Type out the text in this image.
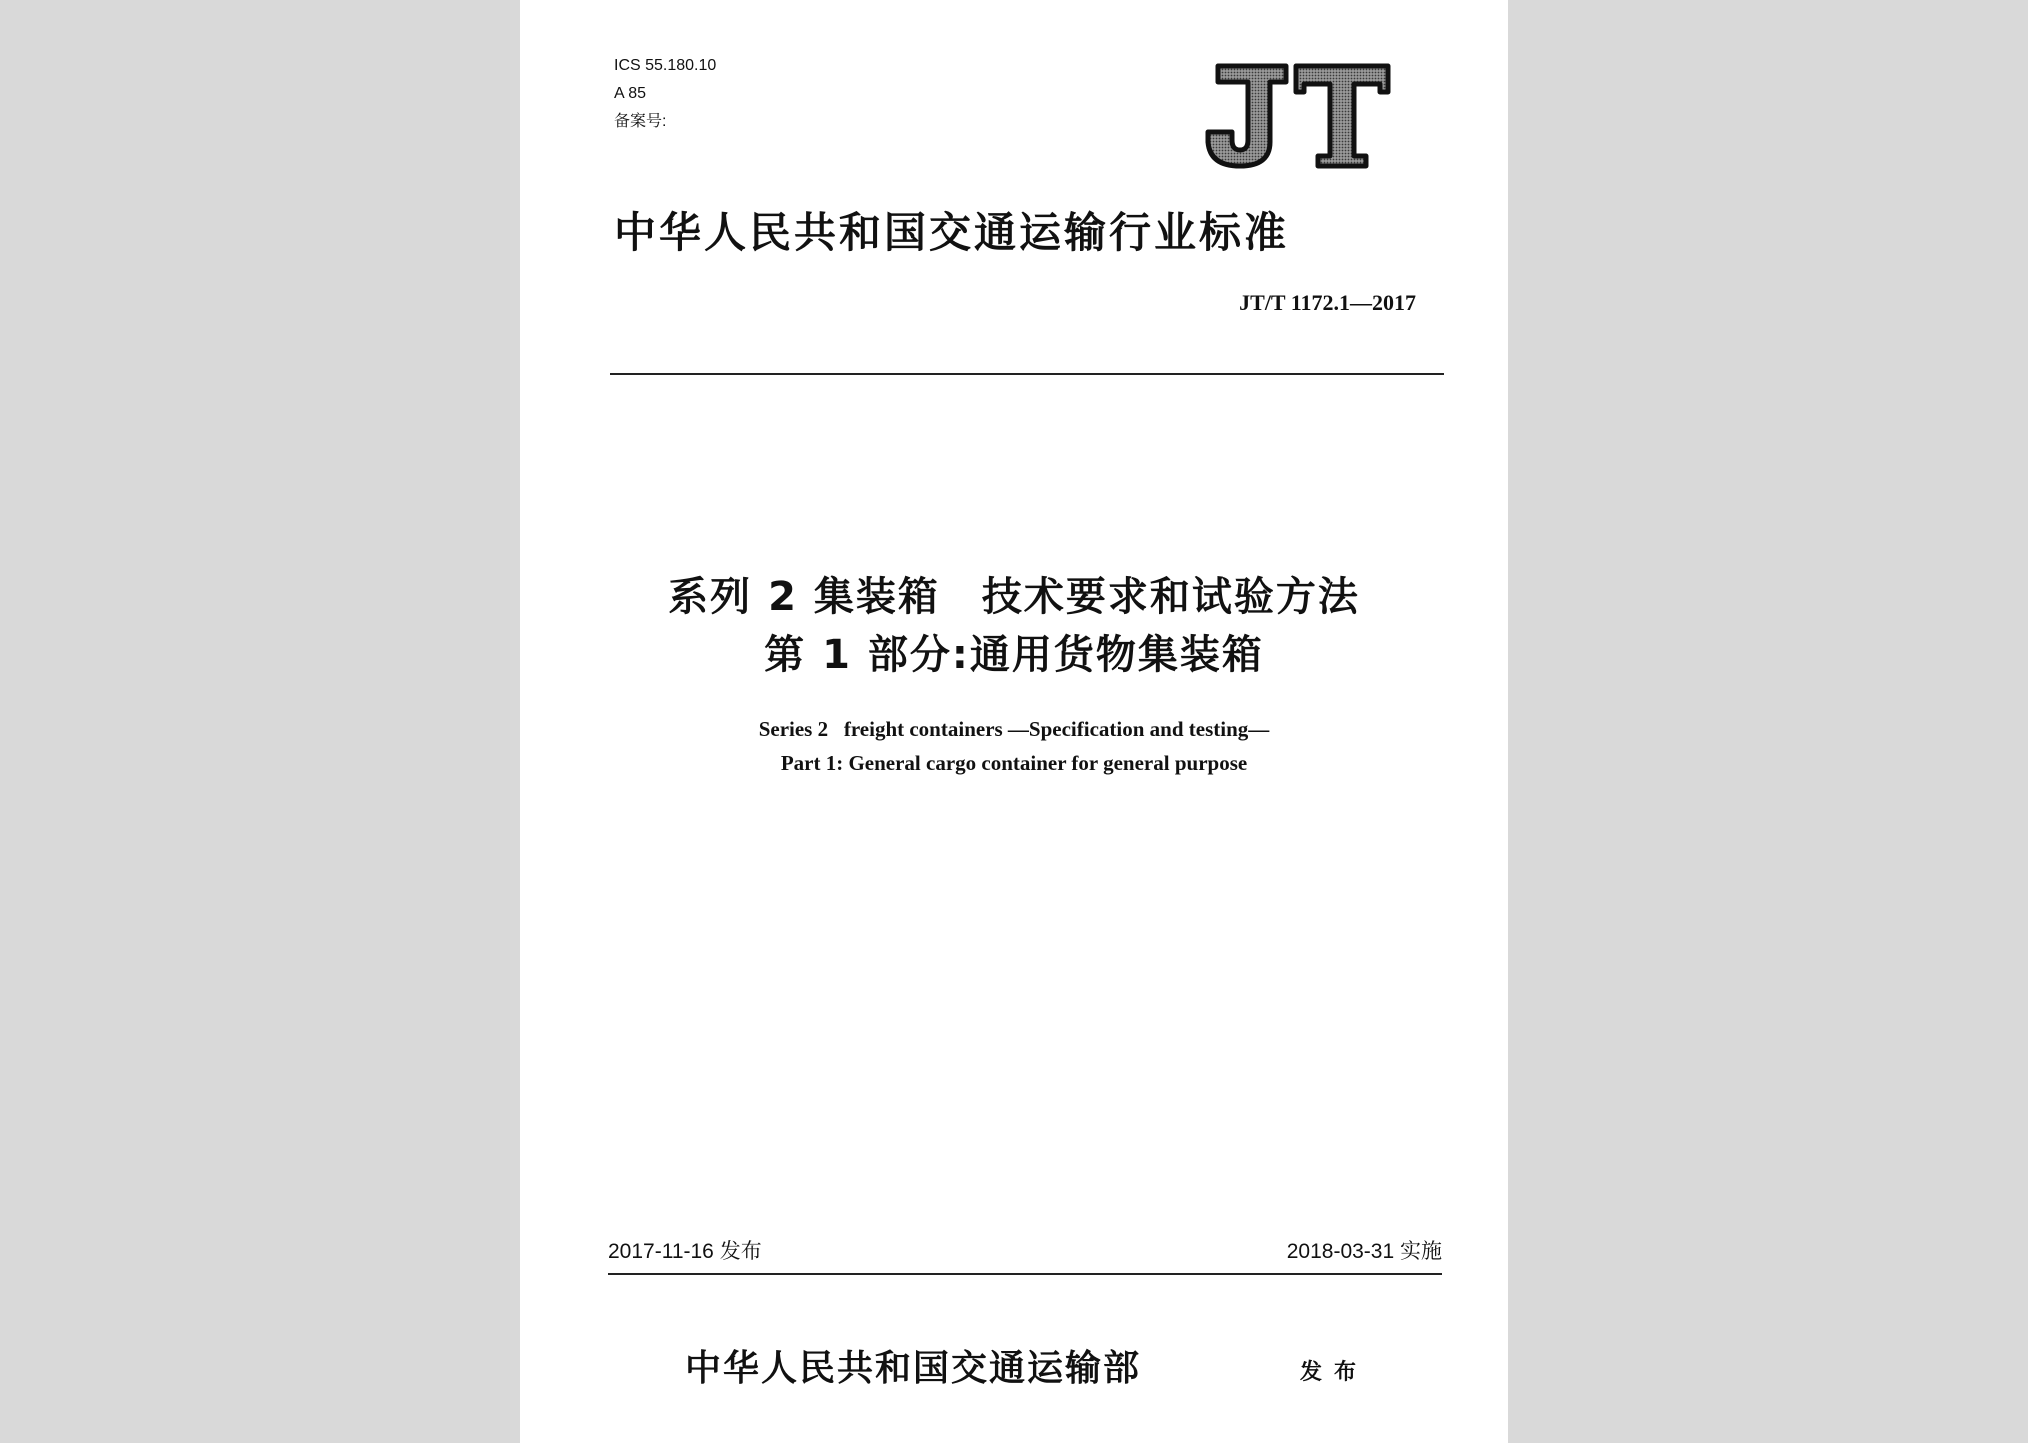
ICS 55.180.10
A 85
备案号:
中华人民共和国交通运输行业标准
JT/T 1172.1—2017
系列 2 集装箱　技术要求和试验方法
第 1 部分:通用货物集装箱
Series 2   freight containers —Specification and testing—
Part 1: General cargo container for general purpose
2017-11-16 发布	2018-03-31 实施
中华人民共和国交通运输部	发布
